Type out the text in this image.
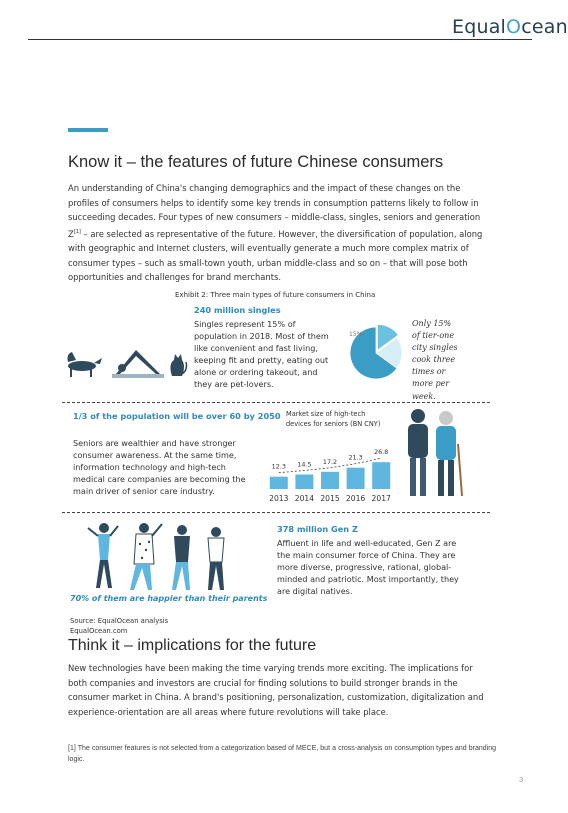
EqualOcean
Know it – the features of future Chinese consumers
An understanding of China's changing demographics and the impact of these changes on the
profiles of consumers helps to identify some key trends in consumption patterns likely to follow in
succeeding decades. Four types of new consumers – middle-class, singles, seniors and generation
Z[1] – are selected as representative of the future. However, the diversification of population, along
with geographic and Internet clusters, will eventually generate a much more complex matrix of
consumer types – such as small-town youth, urban middle-class and so on – that will pose both
opportunities and challenges for brand merchants.
Exhibit 2: Three main types of future consumers in China
240 million singles
Singles represent 15% of
population in 2018. Most of them
like convenient and fast living,
keeping fit and pretty, eating out
alone or ordering takeout, and
they are pet-lovers.
15%
Only 15%
of tier-one
city singles
cook three
times or
more per
week.
1/3 of the population will be over 60 by 2050 Market size of high-tech
devices for seniors (BN CNY)
Seniors are wealthier and have stronger
consumer awareness. At the same time,
information technology and high-tech
medical care companies are becoming the
main driver of senior care industry.
12.3
2013
14.5
2014
17.2
2015
21.3
2016
26.8
2017
70% of them are happier than their parents
378 million Gen Z
Affluent in life and well-educated, Gen Z are
the main consumer force of China. They are
more diverse, progressive, rational, global-
minded and patriotic. Most importantly, they
are digital natives.
Source: EqualOcean analysis
EqualOcean.com
Think it – implications for the future
New technologies have been making the time varying trends more exciting. The implications for
both companies and investors are crucial for finding solutions to build stronger brands in the
consumer market in China. A brand's positioning, personalization, customization, digitalization and
experience-orientation are all areas where future revolutions will take place.
[1] The consumer features is not selected from a categorization based of MECE, but a cross-analysis on consumption types and branding logic.
3
